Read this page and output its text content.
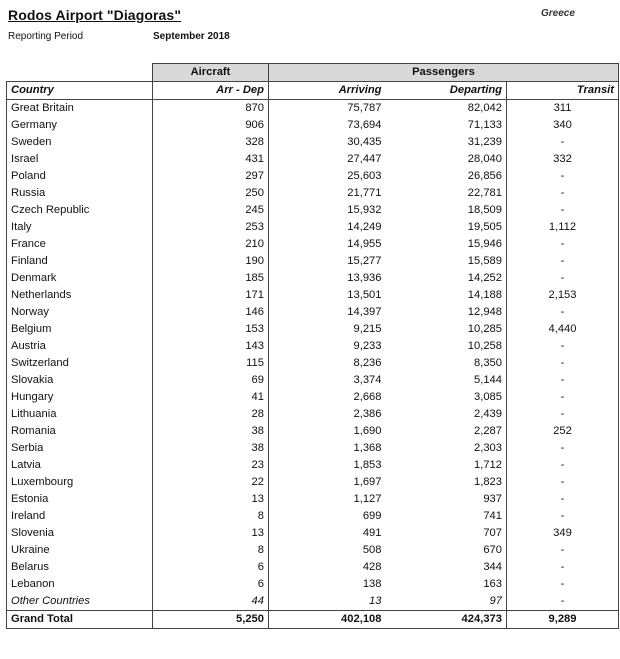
Rodos Airport "Diagoras"	Greece
Reporting Period	September 2018
	Aircraft	Passengers		
Country	Arr - Dep	Arriving	Departing	Transit
Great Britain	870	75,787	82,042	311
Germany	906	73,694	71,133	340
Sweden	328	30,435	31,239	-
Israel	431	27,447	28,040	332
Poland	297	25,603	26,856	-
Russia	250	21,771	22,781	-
Czech Republic	245	15,932	18,509	-
Italy	253	14,249	19,505	1,112
France	210	14,955	15,946	-
Finland	190	15,277	15,589	-
Denmark	185	13,936	14,252	-
Netherlands	171	13,501	14,188	2,153
Norway	146	14,397	12,948	-
Belgium	153	9,215	10,285	4,440
Austria	143	9,233	10,258	-
Switzerland	115	8,236	8,350	-
Slovakia	69	3,374	5,144	-
Hungary	41	2,668	3,085	-
Lithuania	28	2,386	2,439	-
Romania	38	1,690	2,287	252
Serbia	38	1,368	2,303	-
Latvia	23	1,853	1,712	-
Luxembourg	22	1,697	1,823	-
Estonia	13	1,127	937	-
Ireland	8	699	741	-
Slovenia	13	491	707	349
Ukraine	8	508	670	-
Belarus	6	428	344	-
Lebanon	6	138	163	-
Other Countries	44	13	97	-
Grand Total	5,250	402,108	424,373	9,289
